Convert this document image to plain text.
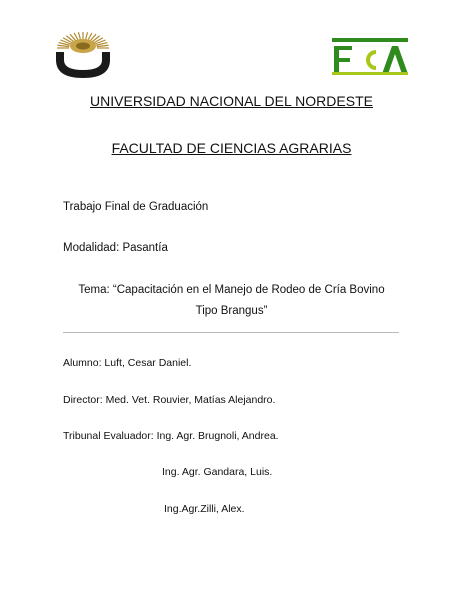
UNIVERSIDAD NACIONAL DEL NORDESTE
FACULTAD DE CIENCIAS AGRARIAS
Trabajo Final de Graduación
Modalidad: Pasantía
Tema: “Capacitación en el Manejo de Rodeo de Cría Bovino
Tipo Brangus”
Alumno: Luft, Cesar Daniel.
Director: Med. Vet. Rouvier, Matías Alejandro.
Tribunal Evaluador: Ing. Agr. Brugnoli, Andrea.
Ing. Agr. Gandara, Luis.
Ing.Agr.Zilli, Alex.
